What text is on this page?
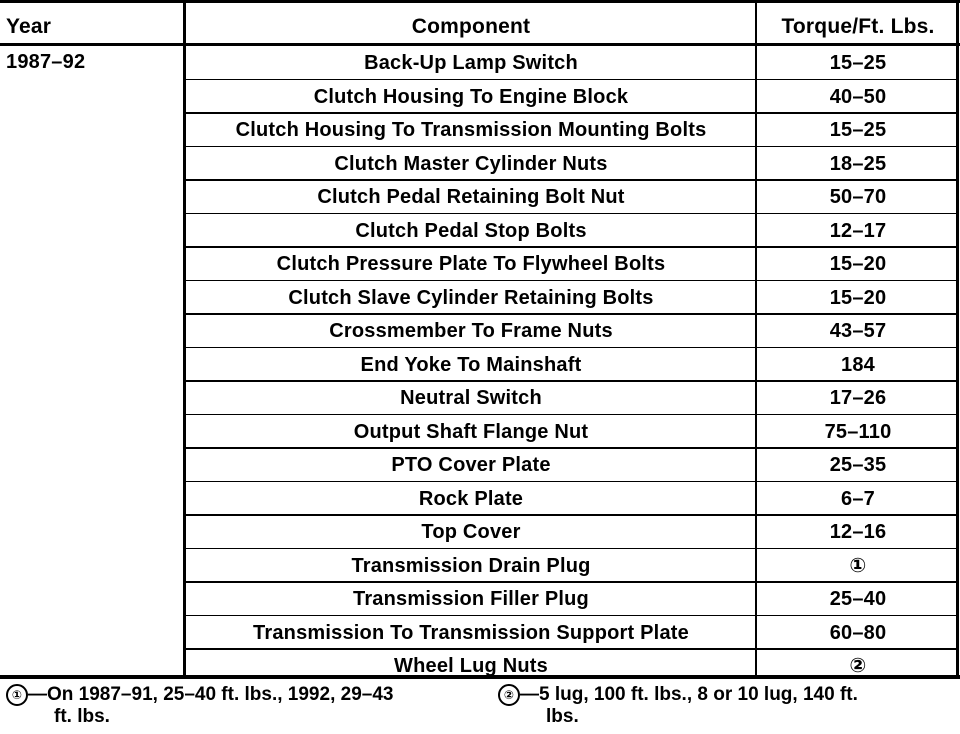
Year	Component	Torque/Ft. Lbs.
1987–92	Back-Up Lamp Switch	15–25
Clutch Housing To Engine Block	40–50
Clutch Housing To Transmission Mounting Bolts	15–25
Clutch Master Cylinder Nuts	18–25
Clutch Pedal Retaining Bolt Nut	50–70
Clutch Pedal Stop Bolts	12–17
Clutch Pressure Plate To Flywheel Bolts	15–20
Clutch Slave Cylinder Retaining Bolts	15–20
Crossmember To Frame Nuts	43–57
End Yoke To Mainshaft	184
Neutral Switch	17–26
Output Shaft Flange Nut	75–110
PTO Cover Plate	25–35
Rock Plate	6–7
Top Cover	12–16
Transmission Drain Plug	①
Transmission Filler Plug	25–40
Transmission To Transmission Support Plate	60–80
Wheel Lug Nuts	②
① —On 1987–91, 25–40 ft. lbs., 1992, 29–43
ft. lbs.
② —5 lug, 100 ft. lbs., 8 or 10 lug, 140 ft.
lbs.
